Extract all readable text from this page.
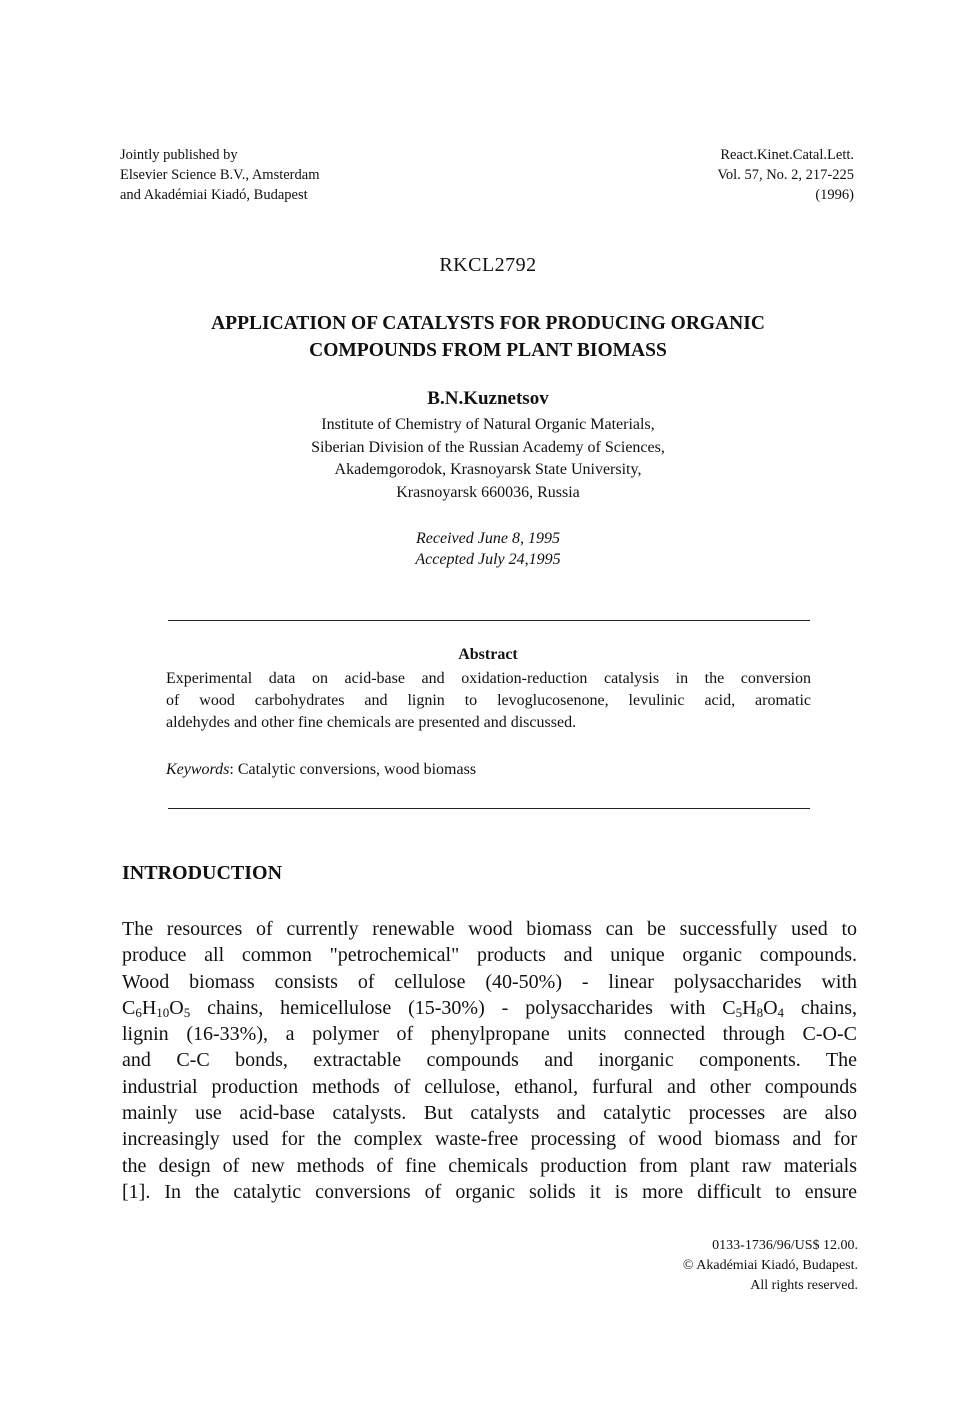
Jointly published by
Elsevier Science B.V., Amsterdam
and Akadémiai Kiadó, Budapest
React.Kinet.Catal.Lett.
Vol. 57, No. 2, 217-225
(1996)
RKCL2792
APPLICATION OF CATALYSTS FOR PRODUCING ORGANIC
COMPOUNDS FROM PLANT BIOMASS
B.N.Kuznetsov
Institute of Chemistry of Natural Organic Materials,
Siberian Division of the Russian Academy of Sciences,
Akademgorodok, Krasnoyarsk State University,
Krasnoyarsk 660036, Russia
Received June 8, 1995
Accepted July 24,1995
Abstract
Experimental data on acid-base and oxidation-reduction catalysis in the conversion
of wood carbohydrates and lignin to levoglucosenone, levulinic acid, aromatic
aldehydes and other fine chemicals are presented and discussed.
Keywords: Catalytic conversions, wood biomass
INTRODUCTION
The resources of currently renewable wood biomass can be successfully used to
produce all common "petrochemical" products and unique organic compounds.
Wood biomass consists of cellulose (40-50%) - linear polysaccharides with
$C_6H_{10}O_5$ chains, hemicellulose (15-30%) - polysaccharides with $C_5H_8O_4$ chains,
lignin (16-33%), a polymer of phenylpropane units connected through C-O-C
and C-C bonds, extractable compounds and inorganic components. The
industrial production methods of cellulose, ethanol, furfural and other compounds
mainly use acid-base catalysts. But catalysts and catalytic processes are also
increasingly used for the complex waste-free processing of wood biomass and for
the design of new methods of fine chemicals production from plant raw materials
[1]. In the catalytic conversions of organic solids it is more difficult to ensure
0133-1736/96/US$ 12.00.
© Akadémiai Kiadó, Budapest.
All rights reserved.
